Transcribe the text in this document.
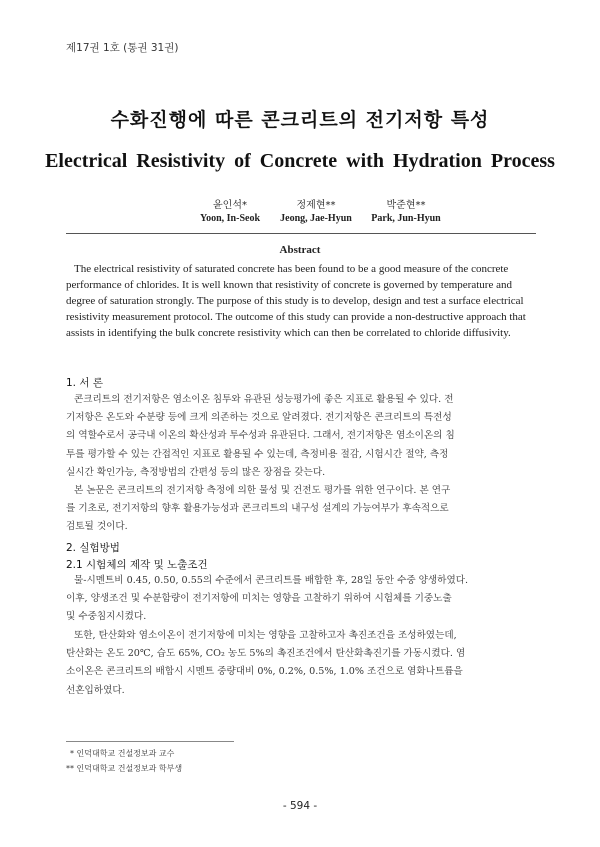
제17권 1호 (통권 31권)
수화진행에 따른 콘크리트의 전기저항 특성
Electrical Resistivity of Concrete with Hydration Process
윤인석*
Yoon, In-Seok
정제현**
Jeong, Jae-Hyun
박준현**
Park, Jun-Hyun
Abstract
The electrical resistivity of saturated concrete has been found to be a good measure of the concrete
performance of chlorides. It is well known that resistivity of concrete is governed by temperature and
degree of saturation strongly. The purpose of this study is to develop, design and test a surface electrical
resistivity measurement protocol. The outcome of this study can provide a non-destructive approach that
assists in identifying the bulk concrete resistivity which can then be correlated to chloride diffusivity.
1. 서 론
콘크리트의 전기저항은 염소이온 침투와 유관된 성능평가에 좋은 지표로 활용될 수 있다. 전
기저항은 온도와 수분량 등에 크게 의존하는 것으로 알려졌다. 전기저항은 콘크리트의 특전성
의 역할수로서 공극내 이온의 확산성과 투수성과 유관된다. 그래서, 전기저항은 염소이온의 침
투를 평가할 수 있는 간접적인 지표로 활용될 수 있는데, 측정비용 절감, 시험시간 절약, 측정
실시간 확인가능, 측정방법의 간편성 등의 많은 장점을 갖는다.
본 논문은 콘크리트의 전기저항 측정에 의한 물성 및 건전도 평가를 위한 연구이다. 본 연구
를 기초로, 전기저항의 향후 활용가능성과 콘크리트의 내구성 설계의 가능여부가 후속적으로
검토될 것이다.
2. 실험방법
2.1 시험체의 제작 및 노출조건
물-시멘트비 0.45, 0.50, 0.55의 수준에서 콘크리트를 배합한 후, 28일 동안 수중 양생하였다.
이후, 양생조건 및 수분함량이 전기저항에 미치는 영향을 고찰하기 위하여 시험체를 기중노출
및 수중침지시켰다.
또한, 탄산화와 염소이온이 전기저항에 미치는 영향을 고찰하고자 촉진조건을 조성하였는데,
탄산화는 온도 20℃, 습도 65%, CO₂ 농도 5%의 촉진조건에서 탄산화촉진기를 가동시켰다. 염
소이온은 콘크리트의 배합시 시멘트 중량대비 0%, 0.2%, 0.5%, 1.0% 조건으로 염화나트륨을
선혼입하였다.
* 인덕대학교 건설정보과 교수
** 인덕대학교 건설정보과 학부생
- 594 -
